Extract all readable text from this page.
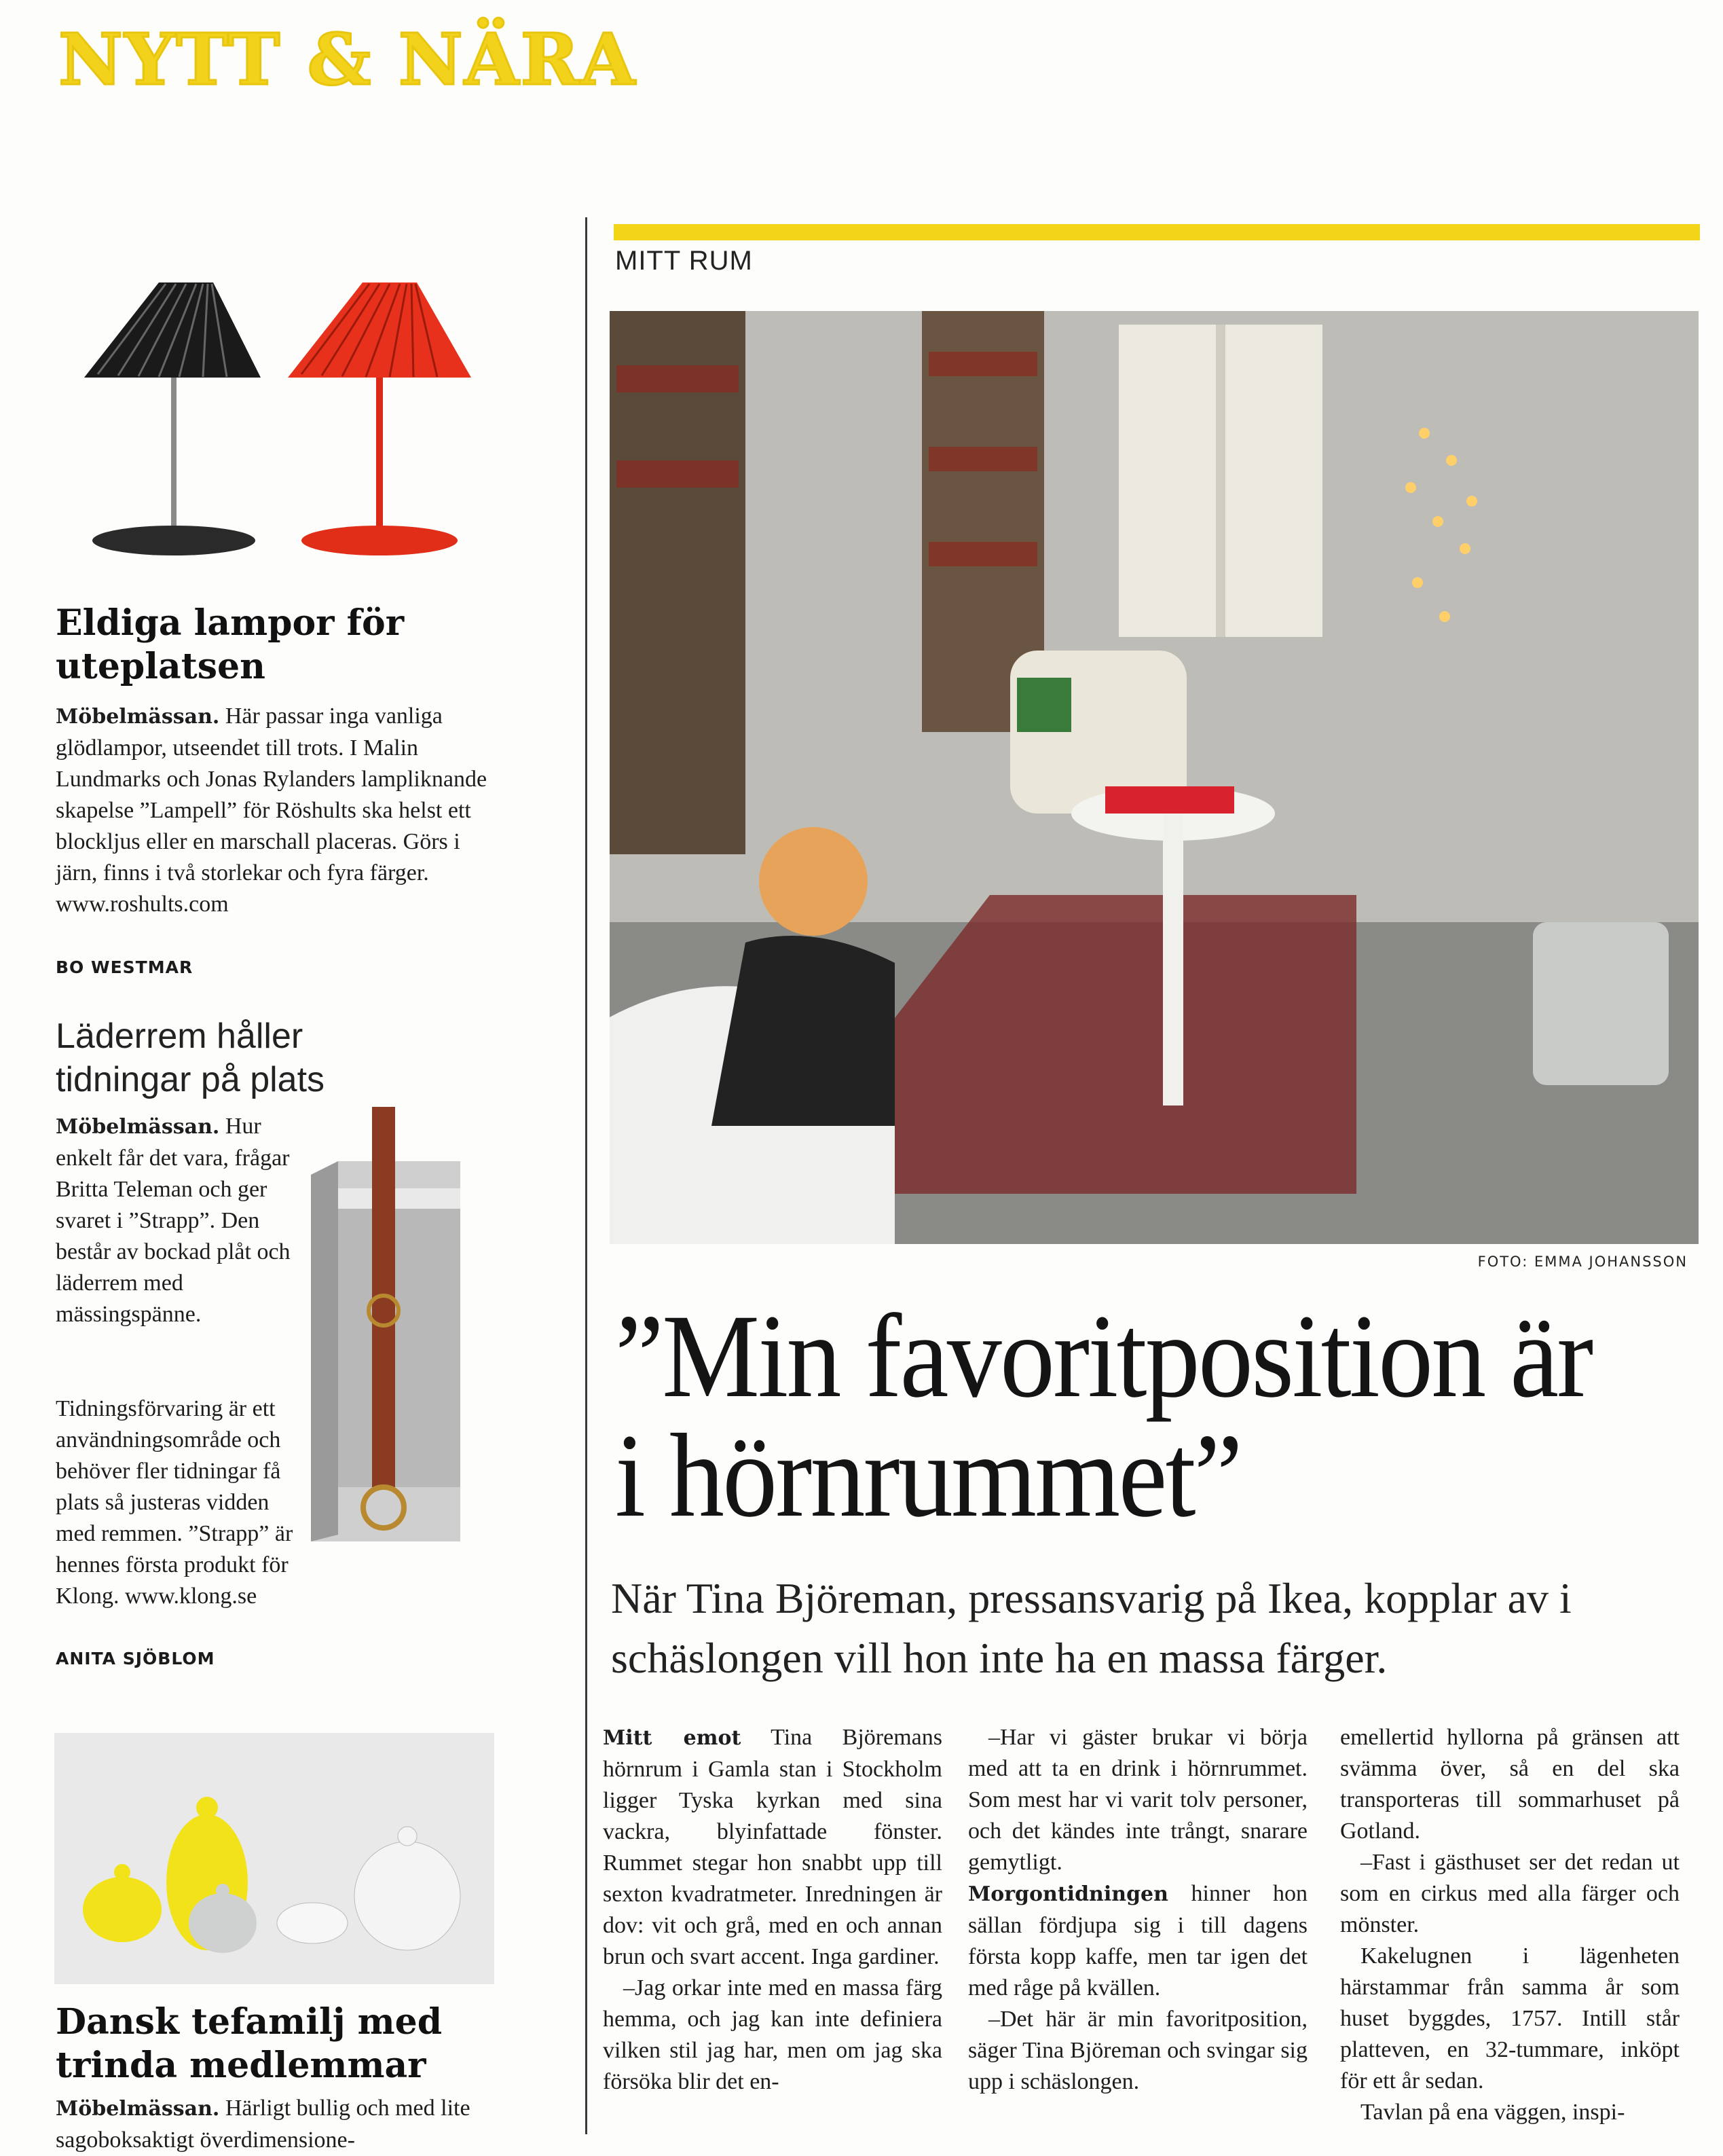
NYTT & NÄRA
MITT RUM
Eldiga lampor för uteplatsen
Möbelmässan. Här passar inga vanliga glödlampor, utseendet till trots. I Malin Lundmarks och Jonas Rylanders lampliknande skapelse ”Lampell” för Röshults ska helst ett blockljus eller en marschall placeras. Görs i järn, finns i två storlekar och fyra färger. www.roshults.com
BO WESTMAR
Läderrem håller tidningar på plats
Möbelmässan. Hur enkelt får det vara, frågar Britta Teleman och ger svaret i ”Strapp”. Den består av bockad plåt och läderrem med mässingspänne.
Tidningsförvaring är ett användningsområde och behöver fler tidningar få plats så justeras vidden med remmen. ”Strapp” är hennes första produkt för Klong. www.klong.se
ANITA SJÖBLOM
Dansk tefamilj med trinda medlemmar
Möbelmässan. Härligt bullig och med lite sagoboksaktigt överdimensione-
FOTO: EMMA JOHANSSON
”Min favoritposition är i hörnrummet”
När Tina Björeman, pressansvarig på Ikea, kopplar av i schäslongen vill hon inte ha en massa färger.

Mitt emot Tina Björemans hörnrum i Gamla stan i Stockholm ligger Tyska kyrkan med sina vackra, blyinfattade fönster. Rummet stegar hon snabbt upp till sexton kvadratmeter. Inredningen är dov: vit och grå, med en och annan brun och svart accent. Inga gardiner.

–Jag orkar inte med en massa färg hemma, och jag kan inte definiera vilken stil jag har, men om jag ska försöka blir det en-

–Har vi gäster brukar vi börja med att ta en drink i hörnrummet. Som mest har vi varit tolv personer, och det kändes inte trångt, snarare gemytligt.

Morgontidningen hinner hon sällan fördjupa sig i till dagens första kopp kaffe, men tar igen det med råge på kvällen.

–Det här är min favoritposition, säger Tina Björeman och svingar sig upp i schäslongen.

emellertid hyllorna på gränsen att svämma över, så en del ska transporteras till sommarhuset på Gotland.

–Fast i gästhuset ser det redan ut som en cirkus med alla färger och mönster.

Kakelugnen i lägenheten härstammar från samma år som huset byggdes, 1757. Intill står platteven, en 32-tummare, inköpt för ett år sedan.

Tavlan på ena väggen, inspi-
